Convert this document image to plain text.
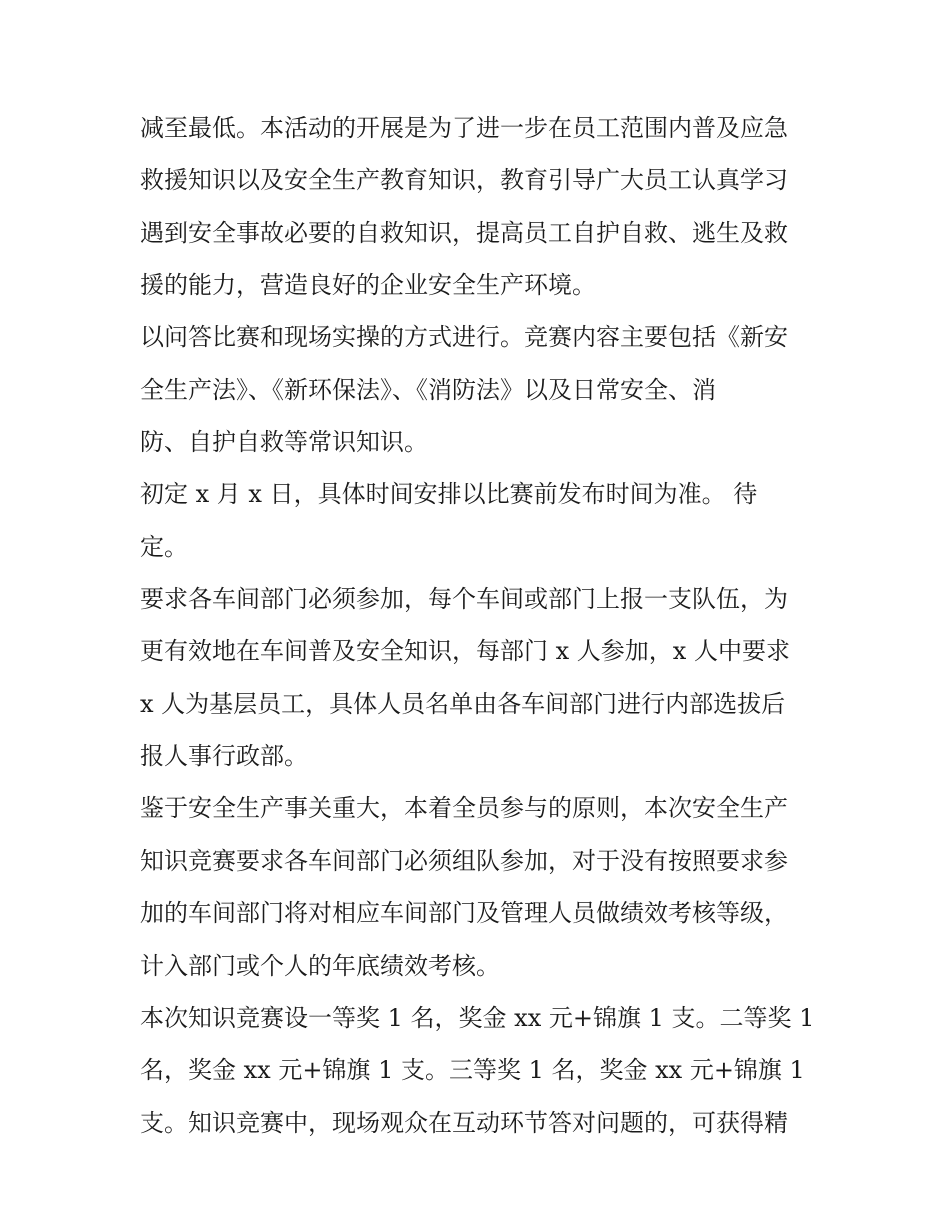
减至最低。本活动的开展是为了进一步在员工范围内普及应急
救援知识以及安全生产教育知识，教育引导广大员工认真学习
遇到安全事故必要的自救知识，提高员工自护自救、逃生及救
援的能力，营造良好的企业安全生产环境。
以问答比赛和现场实操的方式进行。竞赛内容主要包括《新安
全生产法》、《新环保法》、《消防法》以及日常安全、消
防、自护自救等常识知识。
初定 x 月 x 日，具体时间安排以比赛前发布时间为准。 待
定。
要求各车间部门必须参加，每个车间或部门上报一支队伍，为
更有效地在车间普及安全知识，每部门 x 人参加，x 人中要求
x 人为基层员工，具体人员名单由各车间部门进行内部选拔后
报人事行政部。
鉴于安全生产事关重大，本着全员参与的原则，本次安全生产
知识竞赛要求各车间部门必须组队参加，对于没有按照要求参
加的车间部门将对相应车间部门及管理人员做绩效考核等级，
计入部门或个人的年底绩效考核。
本次知识竞赛设一等奖 1 名，奖金 xx 元+锦旗 1 支。二等奖 1
名，奖金 xx 元+锦旗 1 支。三等奖 1 名，奖金 xx 元+锦旗 1
支。知识竞赛中，现场观众在互动环节答对问题的，可获得精
